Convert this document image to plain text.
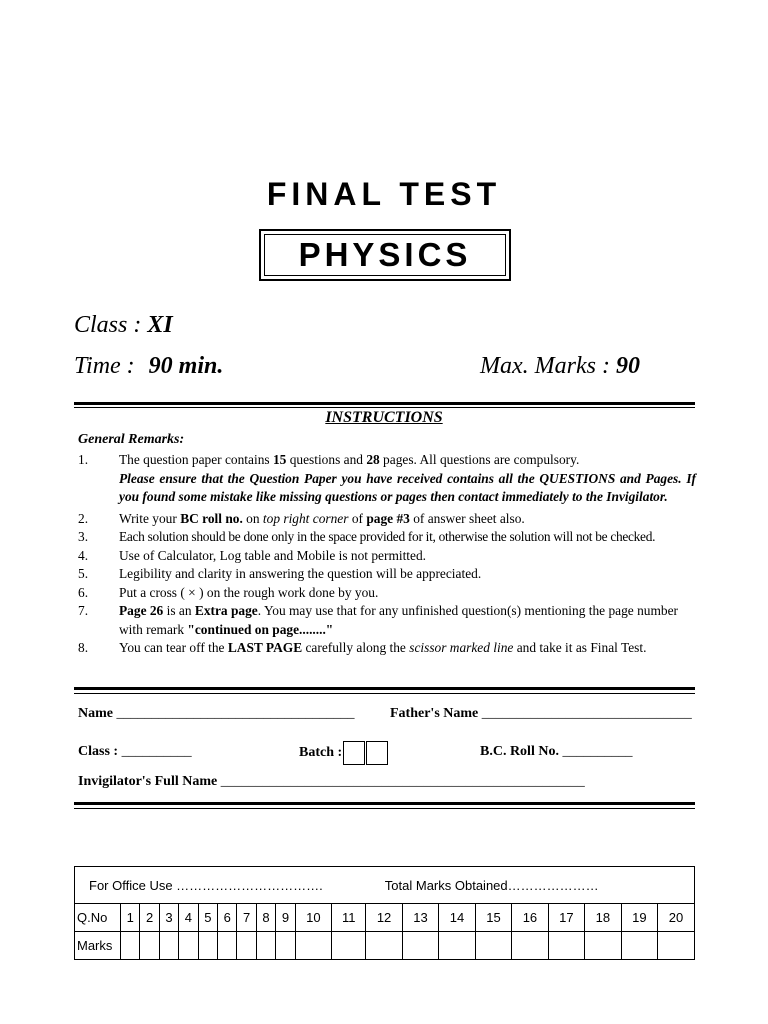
FINAL TEST
PHYSICS
Class : XI
Time : 90 min.	Max. Marks : 90
INSTRUCTIONS
General Remarks:
1. The question paper contains 15 questions and 28 pages. All questions are compulsory.
Please ensure that the Question Paper you have received contains all the QUESTIONS and Pages. If you found some mistake like missing questions or pages then contact immediately to the Invigilator.
2. Write your BC roll no. on top right corner of page #3 of answer sheet also.
3. Each solution should be done only in the space provided for it, otherwise the solution will not be checked.
4. Use of Calculator, Log table and Mobile is not permitted.
5. Legibility and clarity in answering the question will be appreciated.
6. Put a cross ( × ) on the rough work done by you.
7. Page 26 is an Extra page. You may use that for any unfinished question(s) mentioning the page number with remark "continued on page........"
8. You can tear off the LAST PAGE carefully along the scissor marked line and take it as Final Test.
Name __________________________________	Father's Name ______________________________
Class : __________	Batch :	B.C. Roll No. __________
Invigilator's Full Name ____________________________________________________
For Office Use ……………………………. Total Marks Obtained…………………																				
Q.No	1	2	3	4	5	6	7	8	9	10	11	12	13	14	15	16	17	18	19	20
Marks																				
